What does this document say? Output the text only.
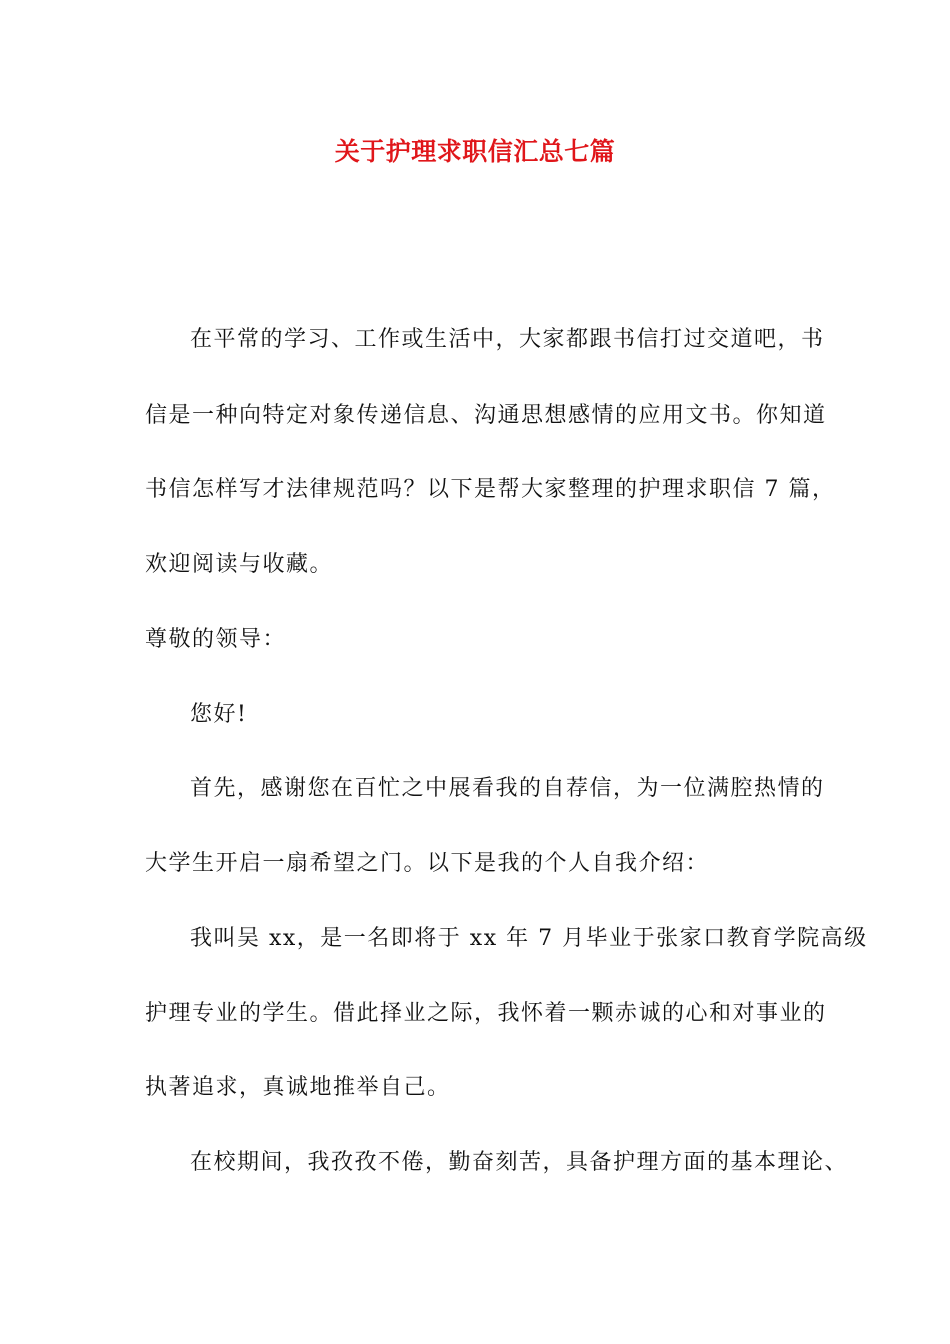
关于护理求职信汇总七篇
在平常的学习、工作或生活中，大家都跟书信打过交道吧，书
信是一种向特定对象传递信息、沟通思想感情的应用文书。你知道
书信怎样写才法律规范吗？以下是帮大家整理的护理求职信 7 篇，
欢迎阅读与收藏。
尊敬的领导：
您好!
首先，感谢您在百忙之中展看我的自荐信，为一位满腔热情的
大学生开启一扇希望之门。以下是我的个人自我介绍：
我叫吴 xx，是一名即将于 xx 年 7 月毕业于张家口教育学院高级
护理专业的学生。借此择业之际，我怀着一颗赤诚的心和对事业的
执著追求，真诚地推举自己。
在校期间，我孜孜不倦，勤奋刻苦，具备护理方面的基本理论、
